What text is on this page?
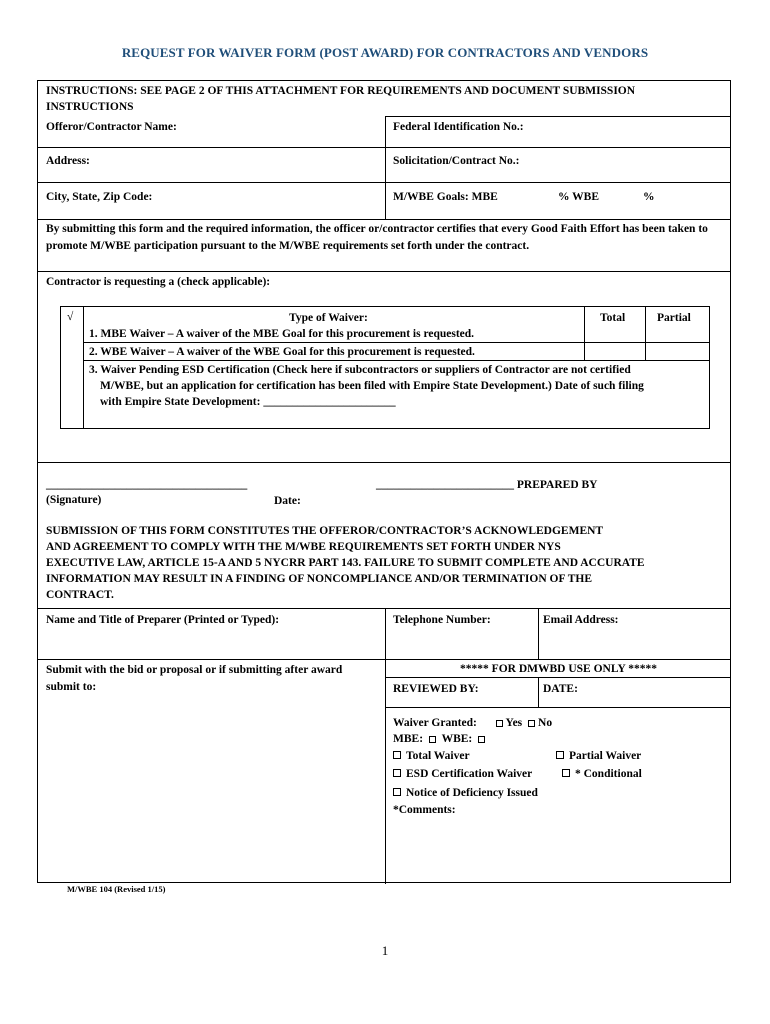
REQUEST FOR WAIVER FORM (POST AWARD) FOR CONTRACTORS AND VENDORS
INSTRUCTIONS: SEE PAGE 2 OF THIS ATTACHMENT FOR REQUIREMENTS AND DOCUMENT SUBMISSION INSTRUCTIONS
Offeror/Contractor Name:	Federal Identification No.:
Address:	Solicitation/Contract No.:
City, State, Zip Code:	M/WBE Goals: MBE	% WBE	%
By submitting this form and the required information, the officer or/contractor certifies that every Good Faith Effort has been taken to promote M/WBE participation pursuant to the M/WBE requirements set forth under the contract.
Contractor is requesting a (check applicable):
√	Type of Waiver:	Total	Partial
1. MBE Waiver – A waiver of the MBE Goal for this procurement is requested.
2. WBE Waiver – A waiver of the WBE Goal for this procurement is requested.
3. Waiver Pending ESD Certification (Check here if subcontractors or suppliers of Contractor are not certified
M/WBE, but an application for certification has been filed with Empire State Development.) Date of such filing
with Empire State Development: _______________________
___________________________________	________________________ PREPARED BY
(Signature)	Date:
SUBMISSION OF THIS FORM CONSTITUTES THE OFFEROR/CONTRACTOR’S ACKNOWLEDGEMENT
AND AGREEMENT TO COMPLY WITH THE M/WBE REQUIREMENTS SET FORTH UNDER NYS
EXECUTIVE LAW, ARTICLE 15-A AND 5 NYCRR PART 143. FAILURE TO SUBMIT COMPLETE AND ACCURATE
INFORMATION MAY RESULT IN A FINDING OF NONCOMPLIANCE AND/OR TERMINATION OF THE
CONTRACT.
Name and Title of Preparer (Printed or Typed):	Telephone Number:	Email Address:
Submit with the bid or proposal or if submitting after award
submit to:
***** FOR DMWBD USE ONLY *****
REVIEWED BY:	DATE:
Waiver Granted:	Yes No
MBE: WBE:
Total Waiver	Partial Waiver
ESD Certification Waiver	* Conditional
Notice of Deficiency Issued
*Comments:
M/WBE 104 (Revised 1/15)
1
